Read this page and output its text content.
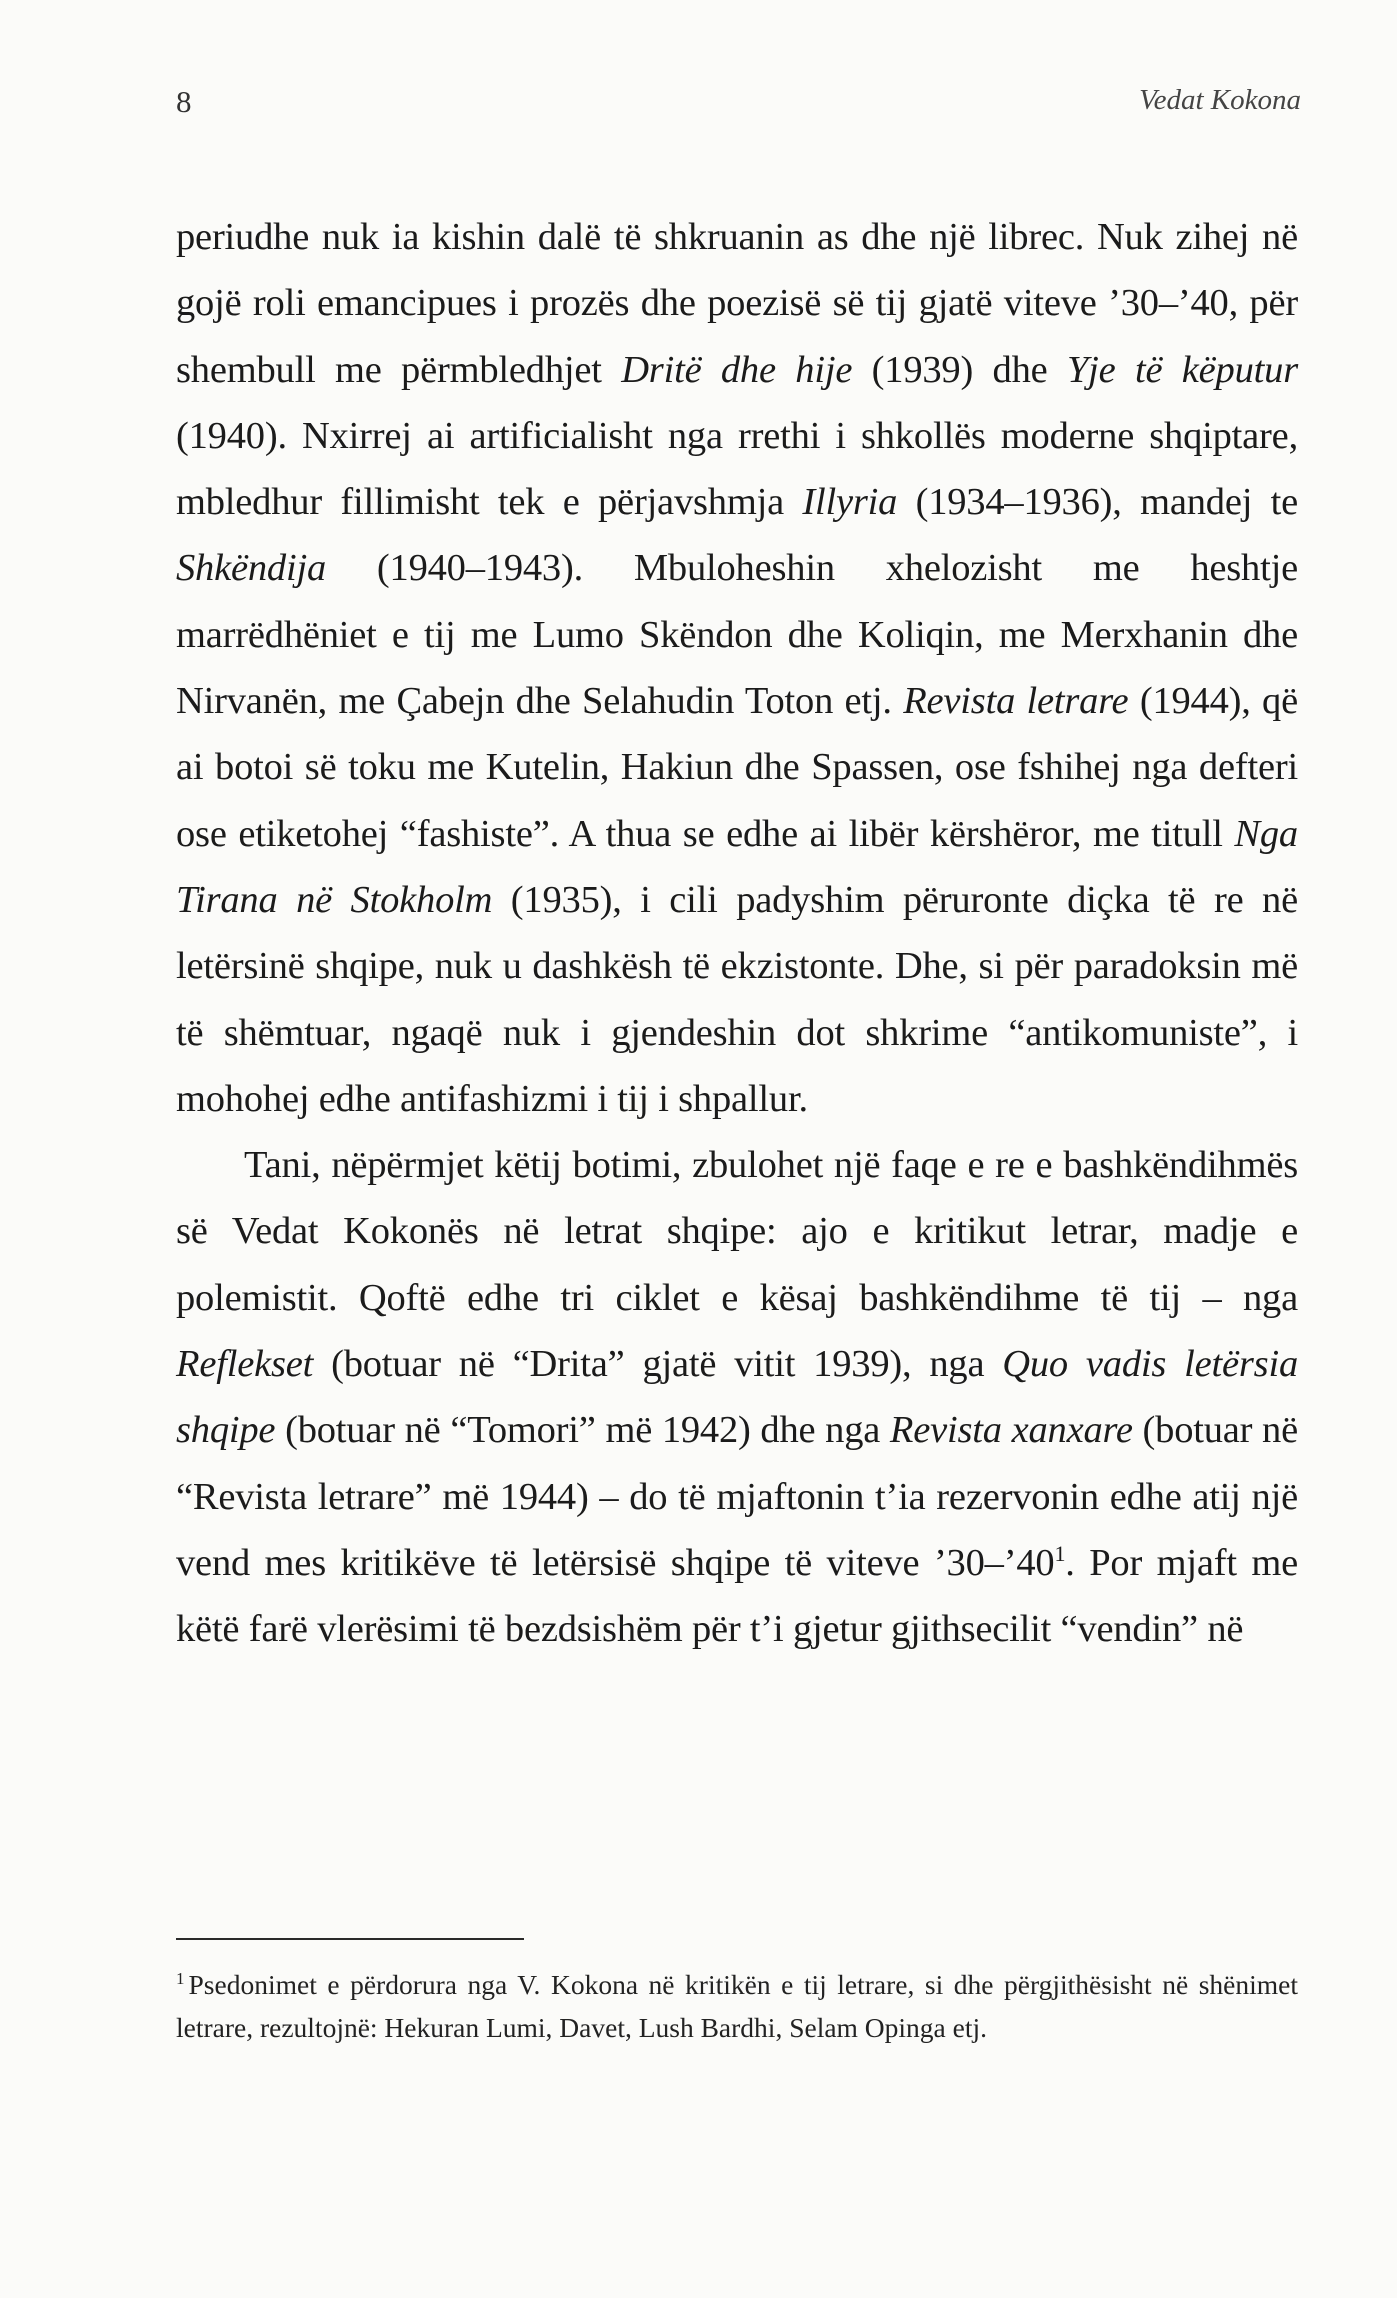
8	Vedat Kokona

periudhe nuk ia kishin dalë të shkruanin as dhe një librec. Nuk zihej në gojë roli emancipues i prozës dhe poezisë së tij gjatë viteve ’30–’40, për shembull me përmbledhjet Dritë dhe hije (1939) dhe Yje të këputur (1940). Nxirrej ai artificialisht nga rrethi i shkollës moderne shqiptare, mbledhur fillimisht tek e përjavshmja Illyria (1934–1936), mandej te Shkëndija (1940–1943). Mbuloheshin xhelozisht me heshtje marrëdhëniet e tij me Lumo Skëndon dhe Koliqin, me Merxhanin dhe Nirvanën, me Çabejn dhe Selahudin Toton etj. Revista letrare (1944), që ai botoi së toku me Kutelin, Hakiun dhe Spassen, ose fshihej nga defteri ose etiketohej “fashiste”. A thua se edhe ai libër kërshëror, me titull Nga Tirana në Stokholm (1935), i cili padyshim përuronte diçka të re në letërsinë shqipe, nuk u dashkësh të ekzistonte. Dhe, si për paradoksin më të shëmtuar, ngaqë nuk i gjendeshin dot shkrime “antikomuniste”, i mohohej edhe antifashizmi i tij i shpallur.

Tani, nëpërmjet këtij botimi, zbulohet një faqe e re e bashkëndihmës së Vedat Kokonës në letrat shqipe: ajo e kritikut letrar, madje e polemistit. Qoftë edhe tri ciklet e kësaj bashkëndihme të tij – nga Reflekset (botuar në “Drita” gjatë vitit 1939), nga Quo vadis letërsia shqipe (botuar në “Tomori” më 1942) dhe nga Revista xanxare (botuar në “Revista letrare” më 1944) – do të mjaftonin t’ia rezervonin edhe atij një vend mes kritikëve të letërsisë shqipe të viteve ’30–’40$^1$. Por mjaft me këtë farë vlerësimi të bezdsishëm për t’i gjetur gjithsecilit “vendin” në

$^1$ Psedonimet e përdorura nga V. Kokona në kritikën e tij letrare, si dhe përgjithësisht në shënimet letrare, rezultojnë: Hekuran Lumi, Davet, Lush Bardhi, Selam Opinga etj.
